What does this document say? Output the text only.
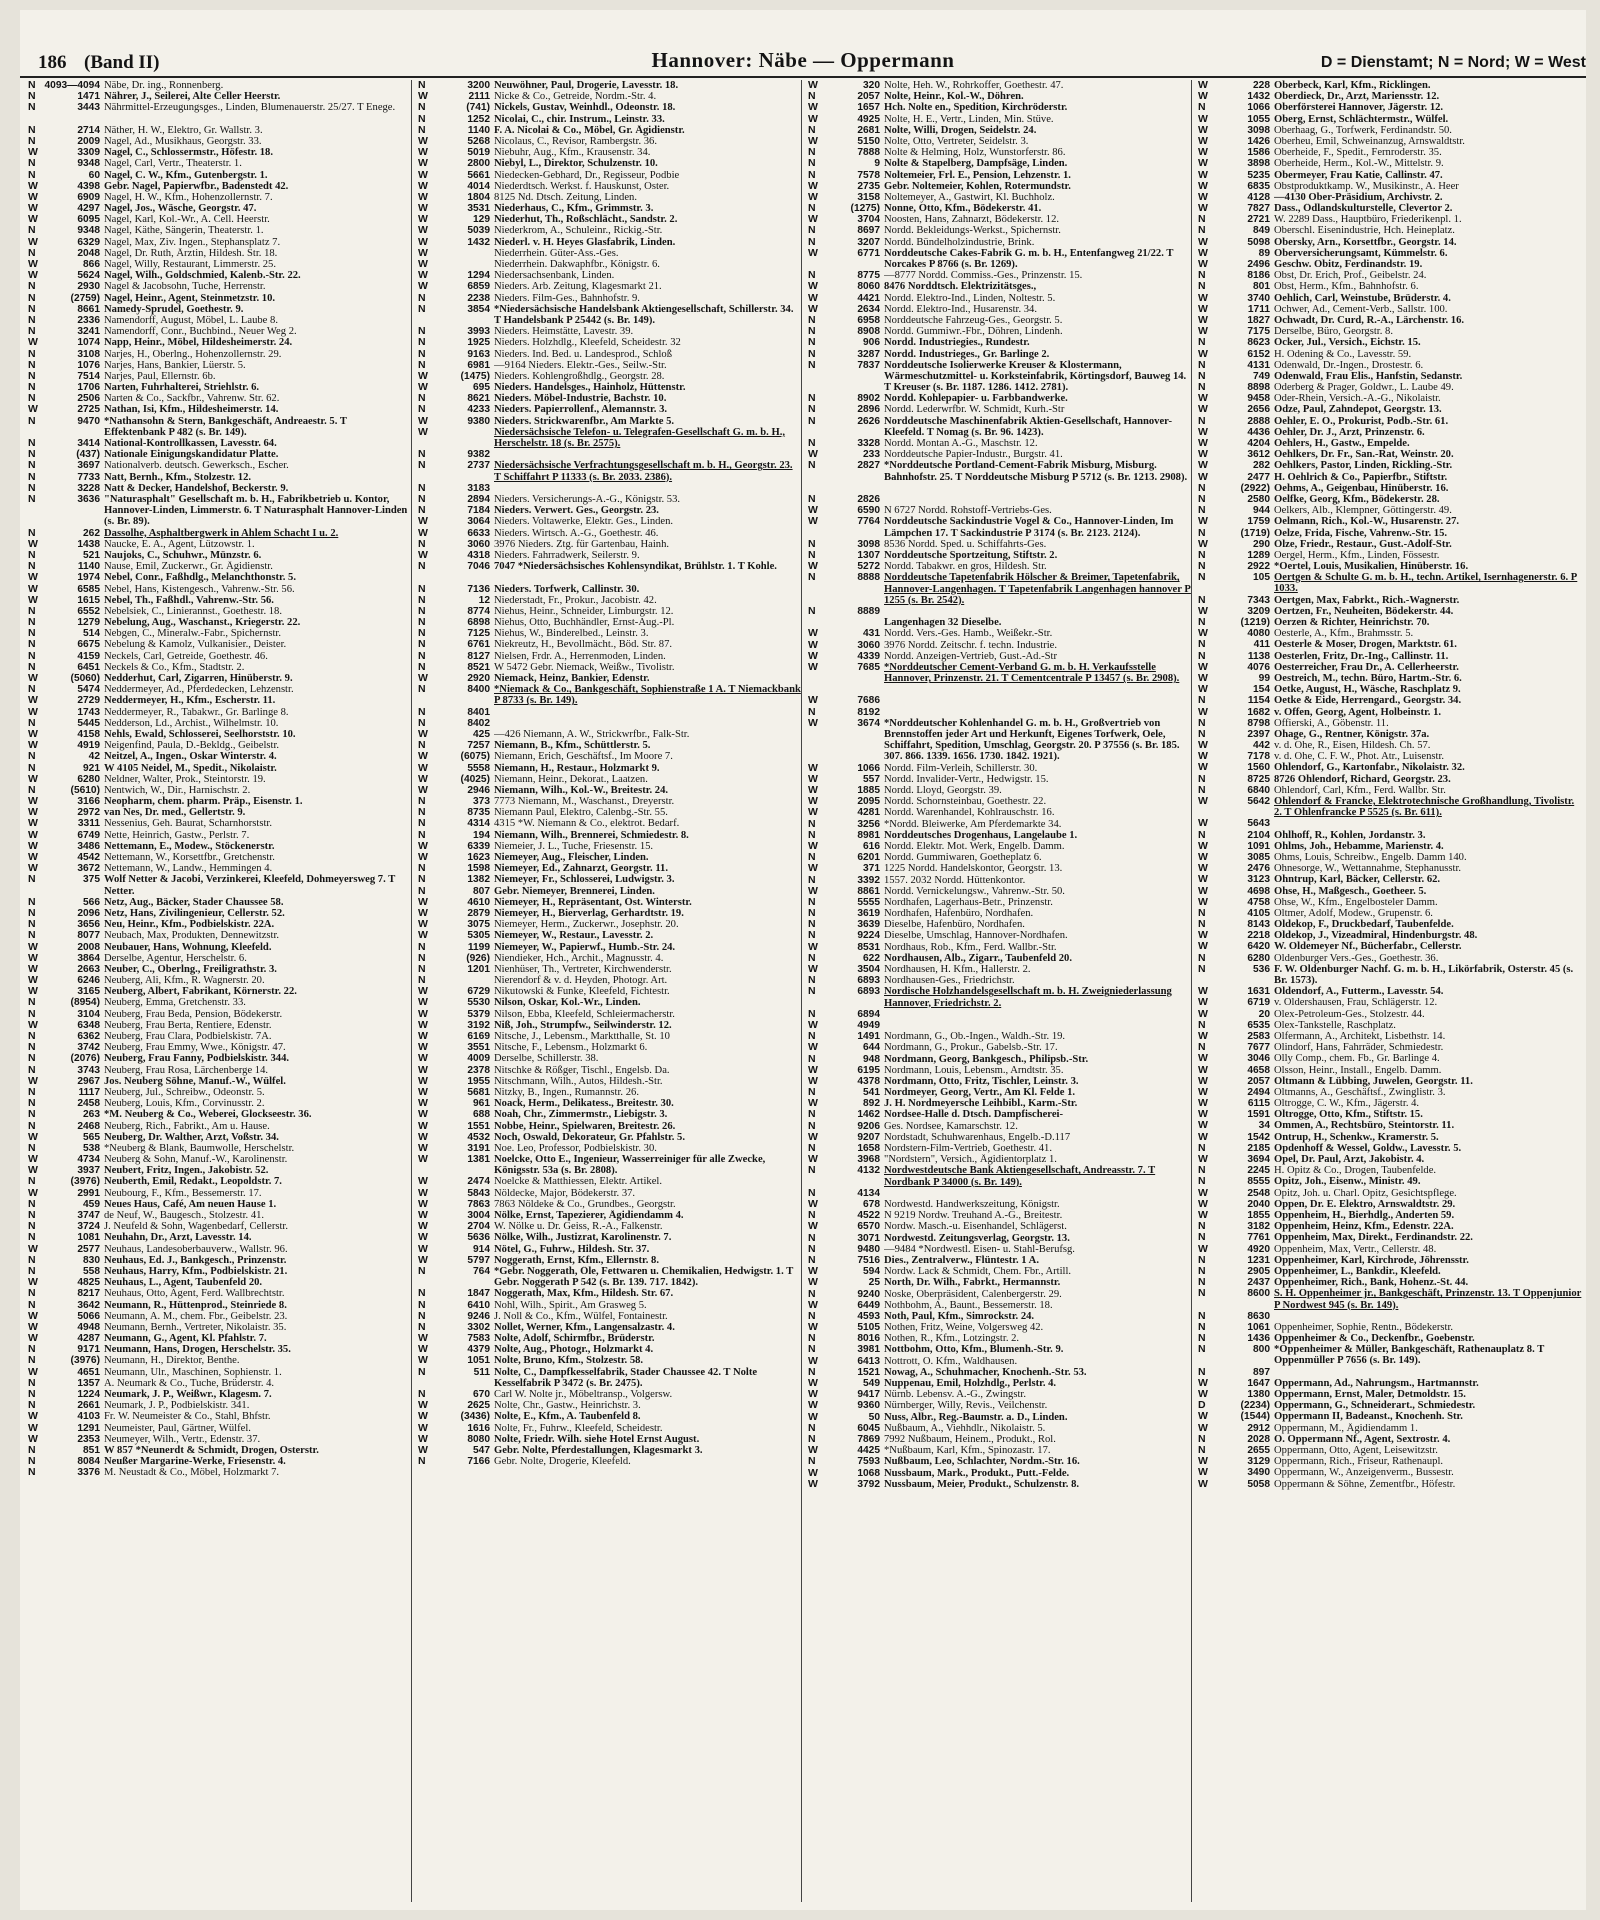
186 (Band II)	Hannover: Näbe — Oppermann	D = Dienstamt; N = Nord; W = West
N 4093—4094 Näbe, Dr. ing., Ronnenberg.
N	1471 Nährer, J., Seilerei, Alte Celler Heerstr.
N	3443 Nährmittel-Erzeugungsges., Linden, Blumenauerstr. 25/27. T Enege.
N	2714 Näther, H. W., Elektro, Gr. Wallstr. 3.
N	2009 Nagel, Ad., Musikhaus, Georgstr. 33.
W	3309 Nagel, C., Schlossermstr., Höfestr. 18.
N	9348 Nagel, Carl, Vertr., Theaterstr. 1.
N	60 Nagel, C. W., Kfm., Gutenbergstr. 1.
W	4398 Gebr. Nagel, Papierwfbr., Badenstedt 42.
W	6909 Nagel, H. W., Kfm., Hohenzollernstr. 7.
W	4297 Nagel, Jos., Wäsche, Georgstr. 47.
W	6095 Nagel, Karl, Kol.-Wr., A. Cell. Heerstr.
N	9348 Nagel, Käthe, Sängerin, Theaterstr. 1.
W	6329 Nagel, Max, Ziv. Ingen., Stephansplatz 7.
N	2048 Nagel, Dr. Ruth, Ärztin, Hildesh. Str. 18.
W	866 Nagel, Willy, Restaurant, Limmerstr. 25.
W	5624 Nagel, Wilh., Goldschmied, Kalenb.-Str. 22.
N	2930 Nagel & Jacobsohn, Tuche, Herrenstr.
N	(2759) Nagel, Heinr., Agent, Steinmetzstr. 10.
N	8661 Namedy-Sprudel, Goethestr. 9.
N	2336 Namendorff, August, Möbel, L. Laube 8.
N	3241 Namendorff, Conr., Buchbind., Neuer Weg 2.
W	1074 Napp, Heinr., Möbel, Hildesheimerstr. 24.
N	3108 Narjes, H., Oberlng., Hohenzollernstr. 29.
N	1076 Narjes, Hans, Bankier, Lüerstr. 5.
N	7514 Narjes, Paul, Ellernstr. 6b.
N	1706 Narten, Fuhrhalterei, Striehlstr. 6.
N	2506 Narten & Co., Sackfbr., Vahrenw. Str. 62.
W	2725 Nathan, Isi, Kfm., Hildesheimerstr. 14.
N	9470 *Nathansohn & Stern, Bankgeschäft, Andreaestr. 5. T Effektenbank P 482 (s. Br. 149).
N	3414 National-Kontrollkassen, Lavesstr. 64.
N	(437) Nationale Einigungskandidatur Platte.
N	3697 Nationalverb. deutsch. Gewerksch., Escher.
N	7733 Natt, Bernh., Kfm., Stolzestr. 12.
N	3228 Natt & Decker, Handelshof, Beckerstr. 9.
N	3636 "Naturasphalt" Gesellschaft m. b. H., Fabrikbetrieb u. Kontor, Hannover-Linden, Limmerstr. 6. T Naturasphalt Hannover-Linden (s. Br. 89).
N	262 Dassolhe, Asphaltbergwerk in Ahlem Schacht I u. 2.
W	1438 Naucke, E. A., Agent, Lützowstr. 1.
N	521 Naujoks, C., Schuhwr., Münzstr. 6.
N	1140 Nause, Emil, Zuckerwr., Gr. Ägidienstr.
W	1974 Nebel, Conr., Faßhdlg., Melanchthonstr. 5.
W	6585 Nebel, Hans, Kistengesch., Vahrenw.-Str. 56.
W	1615 Nebel, Th., Faßhdl., Vahrenw.-Str. 56.
N	6552 Nebelsiek, C., Linierannst., Goethestr. 18.
N	1279 Nebelung, Aug., Waschanst., Kriegerstr. 22.
N	514 Nebgen, C., Mineralw.-Fabr., Spichernstr.
N	6675 Nebelung & Kamolz, Vulkanisier., Deister.
N	4159 Neckels, Carl, Getreide, Goethestr. 46.
N	6451 Neckels & Co., Kfm., Stadtstr. 2.
W	(5060) Nedderhut, Carl, Zigarren, Hinüberstr. 9.
N	5474 Neddermeyer, Ad., Pferdedecken, Lehzenstr.
W	2729 Neddermeyer, H., Kfm., Escherstr. 11.
W	1743 Neddermeyer, R., Tabakwr., Gr. Barlinge 8.
N	5445 Nedderson, Ld., Archist., Wilhelmstr. 10.
W	4158 Nehls, Ewald, Schlosserei, Seelhorststr. 10.
W	4919 Neigenfind, Paula, D.-Bekldg., Geibelstr.
N	42 Neitzel, A., Ingen., Oskar Winterstr. 4.
N	921 W 4105 Neidel, M., Spedit., Nikolaistr.
W	6280 Neldner, Walter, Prok., Steintorstr. 19.
N	(5610) Nentwich, W., Dir., Harnischstr. 2.
W	3166 Neopharm, chem. pharm. Präp., Eisenstr. 1.
W	2972 van Nes, Dr. med., Gellertstr. 9.
W	3311 Nessenius, Geh. Baurat, Scharnhorststr.
W	6749 Nette, Heinrich, Gastw., Perlstr. 7.
W	3486 Nettemann, E., Modew., Stöckenerstr.
W	4542 Nettemann, W., Korsettfbr., Gretchenstr.
W	3672 Nettemann, W., Landw., Hemmingen 4.
N	375 Wolf Netter & Jacobi, Verzinkerei, Kleefeld, Dohmeyersweg 7. T Netter.
N	566 Netz, Aug., Bäcker, Stader Chaussee 58.
N	2096 Netz, Hans, Zivilingenieur, Cellerstr. 52.
N	3656 Neu, Heinr., Kfm., Podbielskistr. 22A.
N	8077 Neubach, Max, Produkten, Dennewitzstr.
W	2008 Neubauer, Hans, Wohnung, Kleefeld.
W	3864 Derselbe, Agentur, Herschelstr. 6.
W	2663 Neuber, C., Oberlng., Freiligrathstr. 3.
W	6246 Neuberg, Ali, Kfm., R. Wagnerstr. 20.
W	3165 Neuberg, Albert, Fabrikant, Körnerstr. 22.
N	(8954) Neuberg, Emma, Gretchenstr. 33.
N	3104 Neuberg, Frau Beda, Pension, Bödekerstr.
W	6348 Neuberg, Frau Berta, Rentiere, Edenstr.
N	6362 Neuberg, Frau Clara, Podbielskistr. 7A.
N	3742 Neuberg, Frau Emmy, Wwe., Königstr. 47.
N	(2076) Neuberg, Frau Fanny, Podbielskistr. 344.
N	3743 Neuberg, Frau Rosa, Lärchenberge 14.
W	2967 Jos. Neuberg Söhne, Manuf.-W., Wülfel.
N	1117 Neuberg, Jul., Schreibw., Odeonstr. 5.
N	2458 Neuberg, Louis, Kfm., Corvinusstr. 2.
N	263 *M. Neuberg & Co., Weberei, Glockseestr. 36.
N	2468 Neuberg, Rich., Fabrikt., Am u. Hause.
W	565 Neuberg, Dr. Walther, Arzt, Voßstr. 34.
N	538 *Neuberg & Blank, Baumwolle, Herschelstr.
W	4734 Neuberg & Sohn, Manuf.-W., Karolinenstr.
W	3937 Neubert, Fritz, Ingen., Jakobistr. 52.
N	(3976) Neuberth, Emil, Redakt., Leopoldstr. 7.
W	2991 Neubourg, F., Kfm., Bessemerstr. 17.
N	459 Neues Haus, Café, Am neuen Hause 1.
N	3747 de Neuf, W., Baugesch., Stolzestr. 41.
N	3724 J. Neufeld & Sohn, Wagenbedarf, Cellerstr.
N	1081 Neuhahn, Dr., Arzt, Lavesstr. 14.
W	2577 Neuhaus, Landesoberbauverw., Wallstr. 96.
N	830 Neuhaus, Ed. J., Bankgesch., Prinzenstr.
N	558 Neuhaus, Harry, Kfm., Podbielskistr. 21.
W	4825 Neuhaus, L., Agent, Taubenfeld 20.
N	8217 Neuhaus, Otto, Agent, Ferd. Wallbrechtstr.
N	3642 Neumann, R., Hüttenprod., Steinriede 8.
W	5066 Neumann, A. M., chem. Fbr., Geibelstr. 23.
W	4948 Neumann, Bernh., Vertreter, Nikolaistr. 35.
W	4287 Neumann, G., Agent, Kl. Pfahlstr. 7.
N	9171 Neumann, Hans, Drogen, Herschelstr. 35.
N	(3976) Neumann, H., Direktor, Benthe.
W	4651 Neumann, Ulr., Maschinen, Sophienstr. 1.
N	1357 A. Neumark & Co., Tuche, Brüderstr. 4.
N	1224 Neumark, J. P., Weißwr., Klagesm. 7.
N	2661 Neumark, J. P., Podbielskistr. 341.
W	4103 Fr. W. Neumeister & Co., Stahl, Bhfstr.
W	1291 Neumeister, Paul, Gärtner, Wülfel.
W	2353 Neumeyer, Wilh., Vertr., Edenstr. 37.
N	851 W 857 *Neunerdt & Schmidt, Drogen, Osterstr.
N	8084 Neußer Margarine-Werke, Friesenstr. 4.
N	3376 M. Neustadt & Co., Möbel, Holzmarkt 7.
N	3200 Neuwöhner, Paul, Drogerie, Lavesstr. 18.
W	2111 Nicke & Co., Getreide, Nordm.-Str. 4.
N	(741) Nickels, Gustav, Weinhdl., Odeonstr. 18.
N	1252 Nicolai, C., chir. Instrum., Leinstr. 33.
N	1140 F. A. Nicolai & Co., Möbel, Gr. Ägidienstr.
W	5268 Nicolaus, C., Revisor, Rambergstr. 36.
W	5019 Niebuhr, Aug., Kfm., Krausenstr. 34.
W	2800 Niebyl, L., Direktor, Schulzenstr. 10.
W	5661 Niedecken-Gebhard, Dr., Regisseur, Podbie
W	4014 Niederdtsch. Werkst. f. Hauskunst, Oster.
W	1804 8125 Nd. Dtsch. Zeitung, Linden.
W	3531 Niederhaus, C., Kfm., Grimmstr. 3.
W	129 Niederhut, Th., Roßschlächt., Sandstr. 2.
W	5039 Niederkrom, A., Schuleinr., Rickig.-Str.
W	1432 Niederl. v. H. Heyes Glasfabrik, Linden.
W	Niederrhein. Güter-Ass.-Ges.
W	Niederrhein. Dakwaphfbr., Königstr. 6.
W	1294 Niedersachsenbank, Linden.
W	6859 Nieders. Arb. Zeitung, Klagesmarkt 21.
N	2238 Nieders. Film-Ges., Bahnhofstr. 9.
N	3854 *Niedersächsische Handelsbank Aktiengesellschaft, Schillerstr. 34. T Handelsbank P 25442 (s. Br. 149).
N	3993 Nieders. Heimstätte, Lavestr. 39.
N	1925 Nieders. Holzhdlg., Kleefeld, Scheidestr. 32
N	9163 Nieders. Ind. Bed. u. Landesprod., Schloß
N	6981 —9164 Nieders. Elektr.-Ges., Seilw.-Str.
W	(1475) Nieders. Kohlengroßhdlg., Georgstr. 28.
W	695 Nieders. Handelsges., Hainholz, Hüttenstr.
N	8621 Nieders. Möbel-Industrie, Bachstr. 10.
N	4233 Nieders. Papierrollenf., Alemannstr. 3.
W	9380 Nieders. Strickwarenfbr., Am Markte 5.
W	Niedersächsische Telefon- u. Telegrafen-Gesellschaft G. m. b. H., Herschelstr. 18 (s. Br. 2575).
N	9382
N	2737 Niedersächsische Verfrachtungsgesellschaft m. b. H., Georgstr. 23. T Schiffahrt P 11333 (s. Br. 2033. 2386).
N	3183
N	2894 Nieders. Versicherungs-A.-G., Königstr. 53.
N	7184 Nieders. Verwert. Ges., Georgstr. 23.
W	3064 Nieders. Voltawerke, Elektr. Ges., Linden.
W	6633 Nieders. Wirtsch. A.-G., Goethestr. 46.
N	3060 3976 Nieders. Ztg. für Gartenbau, Hainh.
W	4318 Nieders. Fahrradwerk, Seilerstr. 9.
N	7046 7047 *Niedersächsisches Kohlensyndikat, Brühlstr. 1. T Kohle.
N	7136 Nieders. Torfwerk, Callinstr. 30.
N	12 Niederstadt, Fr., Prokur., Jacobistr. 42.
N	8774 Niehus, Heinr., Schneider, Limburgstr. 12.
N	6898 Niehus, Otto, Buchhändler, Ernst-Aug.-Pl.
N	7125 Niehus, W., Binderelbed., Leinstr. 3.
N	6761 Niekreutz, H., Bevollmächt., Böd. Str. 87.
N	8127 Nielsen, Frdr. A., Herrenmoden, Linden.
N	8521 W 5472 Gebr. Niemack, Weißw., Tivolistr.
W	2920 Niemack, Heinz, Bankier, Edenstr.
N	8400 *Niemack & Co., Bankgeschäft, Sophienstraße 1 A. T Niemackbank P 8733 (s. Br. 149).
N	8401
N	8402
W	425 —426 Niemann, A. W., Strickwrfbr., Falk-Str.
N	7257 Niemann, B., Kfm., Schüttlerstr. 5.
W	(6075) Niemann, Erich, Geschäftsf., Im Moore 7.
W	5558 Niemann, H., Restaur., Holzmarkt 9.
W	(4025) Niemann, Heinr., Dekorat., Laatzen.
W	2946 Niemann, Wilh., Kol.-W., Breitestr. 24.
N	373 7773 Niemann, M., Waschanst., Dreyerstr.
N	8735 Niemann Paul, Elektro, Calenbg.-Str. 55.
N	4314 4315 *W. Niemann & Co., elektrot. Bedarf.
N	194 Niemann, Wilh., Brennerei, Schmiedestr. 8.
W	6339 Niemeier, J. L., Tuche, Friesenstr. 15.
W	1623 Niemeyer, Aug., Fleischer, Linden.
N	1598 Niemeyer, Ed., Zahnarzt, Georgstr. 11.
N	1382 Niemeyer, Fr., Schlosserei, Ludwigstr. 3.
N	807 Gebr. Niemeyer, Brennerei, Linden.
W	4610 Niemeyer, H., Repräsentant, Ost. Winterstr.
W	2879 Niemeyer, H., Bierverlag, Gerhardtstr. 19.
W	3075 Niemeyer, Herm., Zuckerwr., Josephstr. 20.
W	5305 Niemeyer, W., Restaur., Lavesstr. 2.
N	1199 Niemeyer, W., Papierwf., Humb.-Str. 24.
N	(926) Niendieker, Hch., Archit., Magnusstr. 4.
N	1201 Nienhüser, Th., Vertreter, Kirchwenderstr.
N	Nierendorf & v. d. Heyden, Photogr. Art.
W	6729 Nikutowski & Funke, Kleefeld, Fichtestr.
W	5530 Nilson, Oskar, Kol.-Wr., Linden.
W	5379 Nilson, Ebba, Kleefeld, Schleiermacherstr.
W	3192 Niß, Joh., Strumpfw., Seilwinderstr. 12.
W	6169 Nitsche, J., Lebensm., Marktthalle, St. 10
W	3551 Nitsche, F., Lebensm., Holzmarkt 6.
W	4009 Derselbe, Schillerstr. 38.
W	2378 Nitschke & Rößger, Tischl., Engelsb. Da.
W	1955 Nitschmann, Wilh., Autos, Hildesh.-Str.
W	5681 Nitzky, B., Ingen., Rumannstr. 26.
W	961 Noack, Herm., Delikatess., Breitestr. 30.
W	688 Noah, Chr., Zimmermstr., Liebigstr. 3.
W	1551 Nobbe, Heinr., Spielwaren, Breitestr. 26.
W	4532 Noch, Oswald, Dekorateur, Gr. Pfahlstr. 5.
W	3191 Noe. Leo, Professor, Podbielskistr. 30.
W	1381 Noelcke, Otto E., Ingenieur, Wasserreiniger für alle Zwecke, Königsstr. 53a (s. Br. 2808).
W	2474 Noelcke & Matthiessen, Elektr. Artikel.
W	5843 Nöldecke, Major, Bödekerstr. 37.
W	7863 7863 Nöldeke & Co., Grundbes., Georgstr.
W	3004 Nölke, Ernst, Tapezierer, Ägidiendamm 4.
W	2704 W. Nölke u. Dr. Geiss, R.-A., Falkenstr.
W	5636 Nölke, Wilh., Justizrat, Karolinenstr. 7.
W	914 Nötel, G., Fuhrw., Hildesh. Str. 37.
W	5797 Noggerath, Ernst, Kfm., Ellernstr. 8.
N	764 *Gebr. Noggerath, Öle, Fettwaren u. Chemikalien, Hedwigstr. 1. T Gebr. Noggerath P 542 (s. Br. 139. 717. 1842).
N	1847 Noggerath, Max, Kfm., Hildesh. Str. 67.
N	6410 Nohl, Wilh., Spirit., Am Grasweg 5.
N	9246 J. Noll & Co., Kfm., Wülfel, Fontainestr.
N	3302 Nollet, Werner, Kfm., Langensalzastr. 4.
W	7583 Nolte, Adolf, Schirmfbr., Brüderstr.
W	4379 Nolte, Aug., Photogr., Holzmarkt 4.
W	1051 Nolte, Bruno, Kfm., Stolzestr. 58.
N	511 Nolte, C., Dampfkesselfabrik, Stader Chaussee 42. T Nolte Kesselfabrik P 3472 (s. Br. 2475).
N	670 Carl W. Nolte jr., Möbeltransp., Volgersw.
W	2625 Nolte, Chr., Gastw., Heinrichstr. 3.
W	(3436) Nolte, E., Kfm., A. Taubenfeld 8.
W	1616 Nolte, Fr., Fuhrw., Kleefeld, Scheidestr.
W	8080 Nolte, Friedr. Wilh. siehe Hotel Ernst August.
W	547 Gebr. Nolte, Pferdestallungen, Klagesmarkt 3.
N	7166 Gebr. Nolte, Drogerie, Kleefeld.
W	320 Nolte, Heh. W., Rohrkoffer, Goethestr. 47.
N	2057 Nolte, Heinr., Kol.-W., Döhren.
W	1657 Hch. Nolte en., Spedition, Kirchröderstr.
W	4925 Nolte, H. E., Vertr., Linden, Min. Stüve.
N	2681 Nolte, Willi, Drogen, Seidelstr. 24.
W	5150 Nolte, Otto, Vertreter, Seidelstr. 3.
N	7888 Nolte & Helming, Holz, Wunstorferstr. 86.
N	9 Nolte & Stapelberg, Dampfsäge, Linden.
N	7578 Noltemeier, Frl. E., Pension, Lehzenstr. 1.
W	2735 Gebr. Noltemeier, Kohlen, Rotermundstr.
W	3158 Noltemeyer, A., Gastwirt, Kl. Buchholz.
N	(1275) Nonne, Otto, Kfm., Bödekerstr. 41.
W	3704 Noosten, Hans, Zahnarzt, Bödekerstr. 12.
N	8697 Nordd. Bekleidungs-Werkst., Spichernstr.
N	3207 Nordd. Bündelholzindustrie, Brink.
W	6771 Norddeutsche Cakes-Fabrik G. m. b. H., Entenfangweg 21/22. T Norcakes P 8766 (s. Br. 1269).
N	8775 —8777 Nordd. Commiss.-Ges., Prinzenstr. 15.
W	8060 8476 Norddtsch. Elektrizitätsges.,
W	4421 Nordd. Elektro-Ind., Linden, Noltestr. 5.
W	2634 Nordd. Elektro-Ind., Husarenstr. 34.
N	6958 Norddeutsche Fahrzeug-Ges., Georgstr. 5.
N	8908 Nordd. Gummiwr.-Fbr., Döhren, Lindenh.
N	906 Nordd. Industriegies., Rundestr.
N	3287 Nordd. Industrieges., Gr. Barlinge 2.
N	7837 Norddeutsche Isolierwerke Kreuser & Klostermann, Wärmeschutzmittel- u. Korksteinfabrik, Körtingsdorf, Bauweg 14. T Kreuser (s. Br. 1187. 1286. 1412. 2781).
N	8902 Nordd. Kohlepapier- u. Farbbandwerke.
N	2896 Nordd. Lederwrfbr. W. Schmidt, Kurh.-Str
N	2626 Norddeutsche Maschinenfabrik Aktien-Gesellschaft, Hannover-Kleefeld. T Nomag (s. Br. 96. 1423).
N	3328 Nordd. Montan A.-G., Maschstr. 12.
W	233 Norddeutsche Papier-Industr., Burgstr. 41.
N	2827 *Norddeutsche Portland-Cement-Fabrik Misburg, Misburg. Bahnhofstr. 25. T Norddeutsche Misburg P 5712 (s. Br. 1213. 2908).
N	2826
W	6590 N 6727 Nordd. Rohstoff-Vertriebs-Ges.
W	7764 Norddeutsche Sackindustrie Vogel & Co., Hannover-Linden, Im Lämpchen 17. T Sackindustrie P 3174 (s. Br. 2123. 2124).
N	3098 8536 Nordd. Sped. u. Schiffahrts-Ges.
N	1307 Norddeutsche Sportzeitung, Stiftstr. 2.
W	5272 Nordd. Tabakwr. en gros, Hildesh. Str.
N	8888 Norddeutsche Tapetenfabrik Hölscher & Breimer, Tapetenfabrik, Hannover-Langenhagen. T Tapetenfabrik Langenhagen hannover P 1255 (s. Br. 2542).
N	8889
Langenhagen 32 Dieselbe.
W	431 Nordd. Vers.-Ges. Hamb., Weißekr.-Str.
W	3060 3976 Nordd. Zeitschr. f. techn. Industrie.
W	4339 Nordd. Anzeigen-Vertrieb, Gust.-Ad.-Str
W	7685 *Norddeutscher Cement-Verband G. m. b. H. Verkaufsstelle Hannover, Prinzenstr. 21. T Cementcentrale P 13457 (s. Br. 2908).
W	7686
N	8192
W	3674 *Norddeutscher Kohlenhandel G. m. b. H., Großvertrieb von Brennstoffen jeder Art und Herkunft, Eigenes Torfwerk, Oele, Schiffahrt, Spedition, Umschlag, Georgstr. 20. P 37556 (s. Br. 185. 307. 866. 1339. 1656. 1730. 1842. 1921).
W	1066 Nordd. Film-Verleih, Schillerstr. 30.
W	557 Nordd. Invalider-Vertr., Hedwigstr. 15.
W	1885 Nordd. Lloyd, Georgstr. 39.
W	2095 Nordd. Schornsteinbau, Goethestr. 22.
W	4281 Nordd. Warenhandel, Kohlrauschstr. 16.
N	3256 *Nordd. Bleiwerke, Am Pferdemarkte 34.
N	8981 Norddeutsches Drogenhaus, Langelaube 1.
W	616 Nordd. Elektr. Mot. Werk, Engelb. Damm.
N	6201 Nordd. Gummiwaren, Goetheplatz 6.
W	371 1225 Nordd. Handelskontor, Georgstr. 13.
N	3392 1557. 2032 Nordd. Hüttenkontor.
W	8861 Nordd. Vernickelungsw., Vahrenw.-Str. 50.
N	5555 Nordhafen, Lagerhaus-Betr., Prinzenstr.
N	3619 Nordhafen, Hafenbüro, Nordhafen.
N	3639 Dieselbe, Hafenbüro, Nordhafen.
N	9224 Dieselbe, Umschlag, Hannover-Nordhafen.
W	8531 Nordhaus, Rob., Kfm., Ferd. Wallbr.-Str.
N	622 Nordhausen, Alb., Zigarr., Taubenfeld 20.
W	3504 Nordhausen, H. Kfm., Hallerstr. 2.
N	6893 Nordhausen-Ges., Friedrichstr.
N	6893 Nordische Holzhandelsgesellschaft m. b. H. Zweigniederlassung Hannover, Friedrichstr. 2.
N	6894
W	4949
N	1491 Nordmann, G., Ob.-Ingen., Waldh.-Str. 19.
W	644 Nordmann, G., Prokur., Gabelsb.-Str. 17.
N	948 Nordmann, Georg, Bankgesch., Philipsb.-Str.
W	6195 Nordmann, Louis, Lebensm., Arndtstr. 35.
W	4378 Nordmann, Otto, Fritz, Tischler, Leinstr. 3.
N	541 Nordmeyer, Georg, Vertr., Am Kl. Felde 1.
W	892 J. H. Nordmeyersche Leihbibl., Karm.-Str.
N	1462 Nordsee-Halle d. Dtsch. Dampfischerei-
N	9206 Ges. Nordsee, Kamarschstr. 12.
W	9207 Nordstadt, Schuhwarenhaus, Engelb.-D.117
N	1658 Nordstern-Film-Vertrieb, Goethestr. 41.
W	3968 "Nordstern", Versich., Ägidientorplatz 1.
N	4132 Nordwestdeutsche Bank Aktiengesellschaft, Andreasstr. 7. T Nordbank P 34000 (s. Br. 149).
N	4134
W	678 Nordwestd. Handwerkszeitung, Königstr.
N	4522 N 9219 Nordw. Treuhand A.-G., Breitestr.
W	6570 Nordw. Masch.-u. Eisenhandel, Schlägerst.
N	3071 Nordwestd. Zeitungsverlag, Georgstr. 13.
N	9480 —9484 *Nordwestl. Eisen- u. Stahl-Berufsg.
N	7516 Dies., Zentralverw., Flüntestr. 1 A.
W	594 Nordw. Lack & Schmidt, Chem. Fbr., Artill.
W	25 North, Dr. Wilh., Fabrkt., Hermannstr.
N	9240 Noske, Oberpräsident, Calenbergerstr. 29.
W	6449 Nothbohm, A., Baunt., Bessemerstr. 18.
N	4593 Noth, Paul, Kfm., Simrockstr. 24.
W	5105 Nothen, Fritz, Weine, Volgersweg 42.
N	8016 Nothen, R., Kfm., Lotzingstr. 2.
N	3981 Nottbohm, Otto, Kfm., Blumenh.-Str. 9.
W	6413 Nottrott, O. Kfm., Waldhausen.
N	1521 Nowag, A., Schuhmacher, Knochenh.-Str. 53.
W	549 Nuppenau, Emil, Holzhdlg., Perlstr. 4.
W	9417 Nürnb. Lebensv. A.-G., Zwingstr.
W	9360 Nürnberger, Willy, Revis., Veilchenstr.
W	50 Nuss, Albr., Reg.-Baumstr. a. D., Linden.
N	6045 Nußbaum, A., Viehhdlr., Nikolaistr. 5.
N	7869 7992 Nußbaum, Heinem., Produkt., Rol.
W	4425 *Nußbaum, Karl, Kfm., Spinozastr. 17.
N	7593 Nußbaum, Leo, Schlachter, Nordm.-Str. 16.
W	1068 Nussbaum, Mark., Produkt., Putt.-Felde.
W	3792 Nussbaum, Meier, Produkt., Schulzenstr. 8.
W	228 Oberbeck, Karl, Kfm., Ricklingen.
W	1432 Oberdieck, Dr., Arzt, Mariensstr. 12.
N	1066 Oberförsterei Hannover, Jägerstr. 12.
W	1055 Oberg, Ernst, Schlächtermstr., Wülfel.
W	3098 Oberhaag, G., Torfwerk, Ferdinandstr. 50.
W	1426 Oberheu, Emil, Schweinanzug, Arnswaldtstr.
W	1586 Oberheide, F., Spedit., Fernroderstr. 35.
W	3898 Oberheide, Herm., Kol.-W., Mittelstr. 9.
W	5235 Obermeyer, Frau Katie, Callinstr. 47.
W	6835 Obstproduktkamp. W., Musikinstr., A. Heer
W	4128 —4130 Ober-Präsidium, Archivstr. 2.
W	7827 Dass., Ödlandskulturstelle, Clevertor 2.
N	2721 W. 2289 Dass., Hauptbüro, Friederikenpl. 1.
N	849 Oberschl. Eisenindustrie, Hch. Heineplatz.
W	5098 Obersky, Arn., Korsettfbr., Georgstr. 14.
W	89 Oberversicherungsamt, Kümmelstr. 6.
W	2496 Geschw. Obitz, Ferdinandstr. 19.
N	8186 Obst, Dr. Erich, Prof., Geibelstr. 24.
N	801 Obst, Herm., Kfm., Bahnhofstr. 6.
W	3740 Oehlich, Carl, Weinstube, Brüderstr. 4.
W	1711 Ochwer, Ad., Cement-Verb., Sallstr. 100.
W	1827 Ochwadt, Dr. Curd, R.-A., Lärchenstr. 16.
W	7175 Derselbe, Büro, Georgstr. 8.
N	8623 Ocker, Jul., Versich., Eichstr. 15.
W	6152 H. Odening & Co., Lavesstr. 59.
N	4131 Odenwald, Dr.-Ingen., Drostestr. 6.
N	749 Odenwald, Frau Elis., Hanfstin, Sedanstr.
N	8898 Oderberg & Prager, Goldwr., L. Laube 49.
W	9458 Oder-Rhein, Versich.-A.-G., Nikolaistr.
W	2656 Odze, Paul, Zahndepot, Georgstr. 13.
N	2888 Oehler, E. O., Prokurist, Podb.-Str. 61.
W	4436 Oehler, Dr. J., Arzt, Prinzenstr. 6.
W	4204 Oehlers, H., Gastw., Empelde.
W	3612 Oehlkers, Dr. Fr., San.-Rat, Weinstr. 20.
W	282 Oehlkers, Pastor, Linden, Rickling.-Str.
W	2477 H. Oehlrich & Co., Papierfbr., Stiftstr.
N	(2922) Oehms, A., Geigenbau, Hinüberstr. 16.
N	2580 Oelfke, Georg, Kfm., Bödekerstr. 28.
N	944 Oelkers, Alb., Klempner, Göttingerstr. 49.
W	1759 Oelmann, Rich., Kol.-W., Husarenstr. 27.
N	(1719) Oelze, Frida, Fische, Vahrenw.-Str. 15.
W	290 Ölze, Friedr., Restaur., Gust.-Adolf-Str.
N	1289 Oergel, Herm., Kfm., Linden, Fössestr.
N	2922 *Oertel, Louis, Musikalien, Hinüberstr. 16.
N	105 Oertgen & Schulte G. m. b. H., techn. Artikel, Isernhagenerstr. 6. P 1033.
N	7343 Oertgen, Max, Fabrkt., Rich.-Wagnerstr.
W	3209 Oertzen, Fr., Neuheiten, Bödekerstr. 44.
N	(1219) Oerzen & Richter, Heinrichstr. 70.
W	4080 Oesterle, A., Kfm., Brahmsstr. 5.
N	411 Oesterle & Moser, Drogen, Marktstr. 61.
N	1138 Oesterlen, Fritz, Dr.-Ing., Callinstr. 11.
W	4076 Oesterreicher, Frau Dr., A. Cellerheerstr.
W	99 Oestreich, M., techn. Büro, Hartm.-Str. 6.
W	154 Oetke, August, H., Wäsche, Raschplatz 9.
N	1154 Oetke & Eide, Herrengard., Georgstr. 34.
W	1682 v. Offen, Georg, Agent, Holbeinstr. 1.
N	8798 Offierski, A., Göbenstr. 11.
N	2397 Ohage, G., Rentner, Königstr. 37a.
W	442 v. d. Ohe, R., Eisen, Hildesh. Ch. 57.
W	7178 v. d. Ohe, C. F. W., Phot. Atr., Luisenstr.
W	1560 Ohlendorf, G., Kartonfabr., Nikolaistr. 32.
N	8725 8726 Ohlendorf, Richard, Georgstr. 23.
N	6840 Ohlendorf, Carl, Kfm., Ferd. Wallbr. Str.
W	5642 Ohlendorf & Francke, Elektrotechnische Großhandlung, Tivolistr. 2. T Ohlenfrancke P 5525 (s. Br. 611).
W	5643
N	2104 Ohlhoff, R., Kohlen, Jordanstr. 3.
W	1091 Ohlms, Joh., Hebamme, Marienstr. 4.
W	3085 Ohms, Louis, Schreibw., Engelb. Damm 140.
W	2476 Ohnesorge, W., Wettannahme, Stephanusstr.
W	3123 Ohntrup, Karl, Bäcker, Cellerstr. 62.
W	4698 Ohse, H., Maßgesch., Goetheer. 5.
W	4758 Ohse, W., Kfm., Engelbosteler Damm.
N	4105 Oltmer, Adolf, Modew., Grupenstr. 6.
N	8143 Oldekop, F., Druckbedarf, Taubenfelde.
W	2218 Oldekop, J., Vizeadmiral, Hindenburgstr. 48.
W	6420 W. Oldemeyer Nf., Bücherfabr., Cellerstr.
N	6280 Oldenburger Vers.-Ges., Goethestr. 36.
N	536 F. W. Oldenburger Nachf. G. m. b. H., Likörfabrik, Osterstr. 45 (s. Br. 1573).
W	1631 Oldendorf, A., Futterm., Lavesstr. 54.
W	6719 v. Oldershausen, Frau, Schlägerstr. 12.
W	20 Olex-Petroleum-Ges., Stolzestr. 44.
N	6535 Olex-Tankstelle, Raschplatz.
W	2583 Olfermann, A., Architekt, Lisbethstr. 14.
N	7677 Olindorf, Hans, Fahrräder, Schmiedestr.
W	3046 Olly Comp., chem. Fb., Gr. Barlinge 4.
W	4658 Olsson, Heinr., Install., Engelb. Damm.
W	2057 Oltmann & Lübbing, Juwelen, Georgstr. 11.
W	2494 Oltmanns, A., Geschäftsf., Zwinglistr. 3.
W	6115 Oltrogge, C. W., Kfm., Jägerstr. 4.
W	1591 Oltrogge, Otto, Kfm., Stiftstr. 15.
W	34 Ommen, A., Rechtsbüro, Steintorstr. 11.
W	1542 Ontrup, H., Schenkw., Kramerstr. 5.
N	2185 Opdenhoff & Wessel, Goldw., Lavesstr. 5.
W	3694 Opel, Dr. Paul, Arzt, Jakobistr. 4.
N	2245 H. Opitz & Co., Drogen, Taubenfelde.
N	8555 Opitz, Joh., Eisenw., Ministr. 49.
W	2548 Opitz, Joh. u. Charl. Opitz, Gesichtspflege.
W	2040 Oppen, Dr. E. Elektro, Arnswaldtstr. 29.
W	1855 Oppenheim, H., Bierhdlg., Anderten 59.
N	3182 Oppenheim, Heinz, Kfm., Edenstr. 22A.
N	7761 Oppenheim, Max, Direkt., Ferdinandstr. 22.
W	4920 Oppenheim, Max, Vertr., Cellerstr. 48.
N	1231 Oppenheimer, Karl, Kirchrode, Jöhrensstr.
N	2905 Oppenheimer, L., Bankdir., Kleefeld.
N	2437 Oppenheimer, Rich., Bank, Hohenz.-St. 44.
N	8600 S. H. Oppenheimer jr., Bankgeschäft, Prinzenstr. 13. T Oppenjunior P Nordwest 945 (s. Br. 149).
N	8630
N	1061 Oppenheimer, Sophie, Rentn., Bödekerstr.
N	1436 Oppenheimer & Co., Deckenfbr., Goebenstr.
N	800 *Oppenheimer & Müller, Bankgeschäft, Rathenauplatz 8. T Oppenmüller P 7656 (s. Br. 149).
N	897
W	1647 Oppermann, Ad., Nahrungsm., Hartmannstr.
W	1380 Oppermann, Ernst, Maler, Detmoldstr. 15.
D	(2234) Oppermann, G., Schneiderart., Schmiedestr.
W	(1544) Oppermann II, Badeanst., Knochenh. Str.
W	2912 Oppermann, M., Ägidiendamm 1.
N	2028 O. Oppermann Nf., Agent, Sextrostr. 4.
N	2655 Oppermann, Otto, Agent, Leisewitzstr.
W	3129 Oppermann, Rich., Friseur, Rathenaupl.
W	3490 Oppermann, W., Anzeigenverm., Bussestr.
W	5058 Oppermann & Söhne, Zementfbr., Höfestr.
